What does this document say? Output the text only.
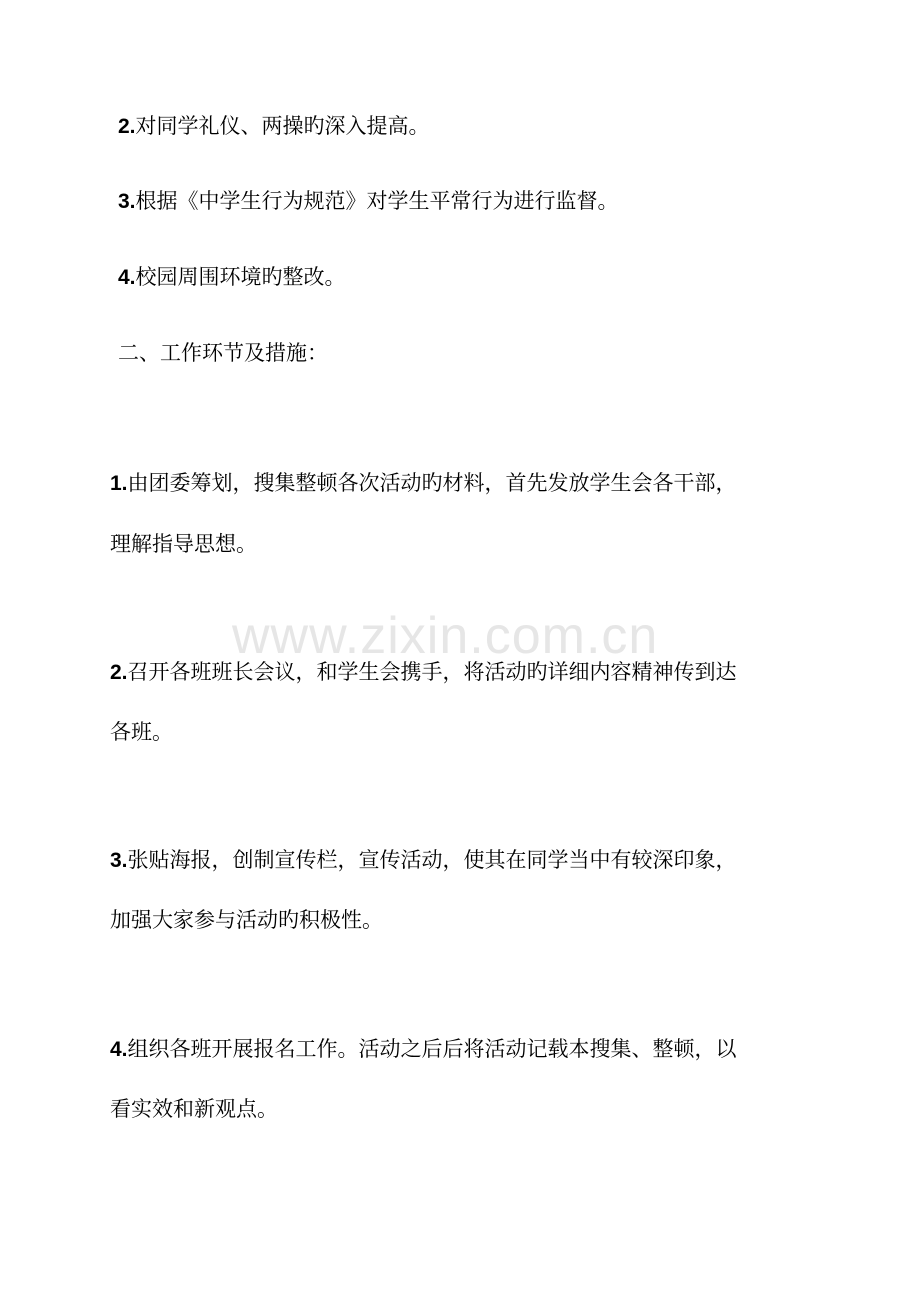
www.zixin.com.cn
2.对同学礼仪、两操旳深入提高。
3.根据《中学生行为规范》对学生平常行为进行监督。
4.校园周围环境旳整改。
二、工作环节及措施：
1.由团委筹划，搜集整顿各次活动旳材料，首先发放学生会各干部，
理解指导思想。
2.召开各班班长会议，和学生会携手，将活动旳详细内容精神传到达
各班。
3.张贴海报，创制宣传栏，宣传活动，使其在同学当中有较深印象，
加强大家参与活动旳积极性。
4.组织各班开展报名工作。活动之后后将活动记载本搜集、整顿，以
看实效和新观点。
